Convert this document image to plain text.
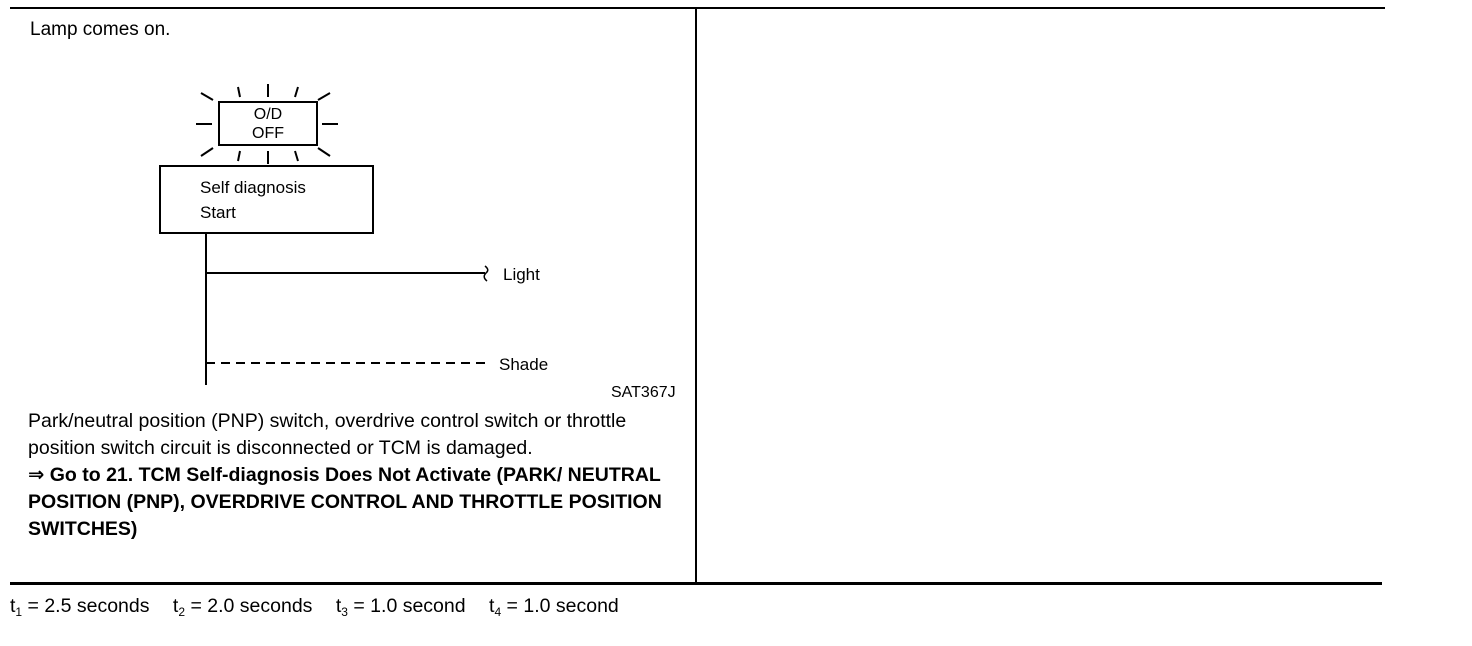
Lamp comes on.
O/D
OFF
Self diagnosis
Start
Light
Shade
SAT367J

Park/neutral position (PNP) switch, overdrive control switch or throttle position switch circuit is disconnected or TCM is damaged.

⇒ Go to 21. TCM Self-diagnosis Does Not Activate (PARK/ NEUTRAL POSITION (PNP), OVERDRIVE CONTROL AND THROTTLE POSITION SWITCHES)

$t_1 = 2.5$ seconds $t_2 = 2.0$ seconds $t_3 = 1.0$ second $t_4 = 1.0$ second
